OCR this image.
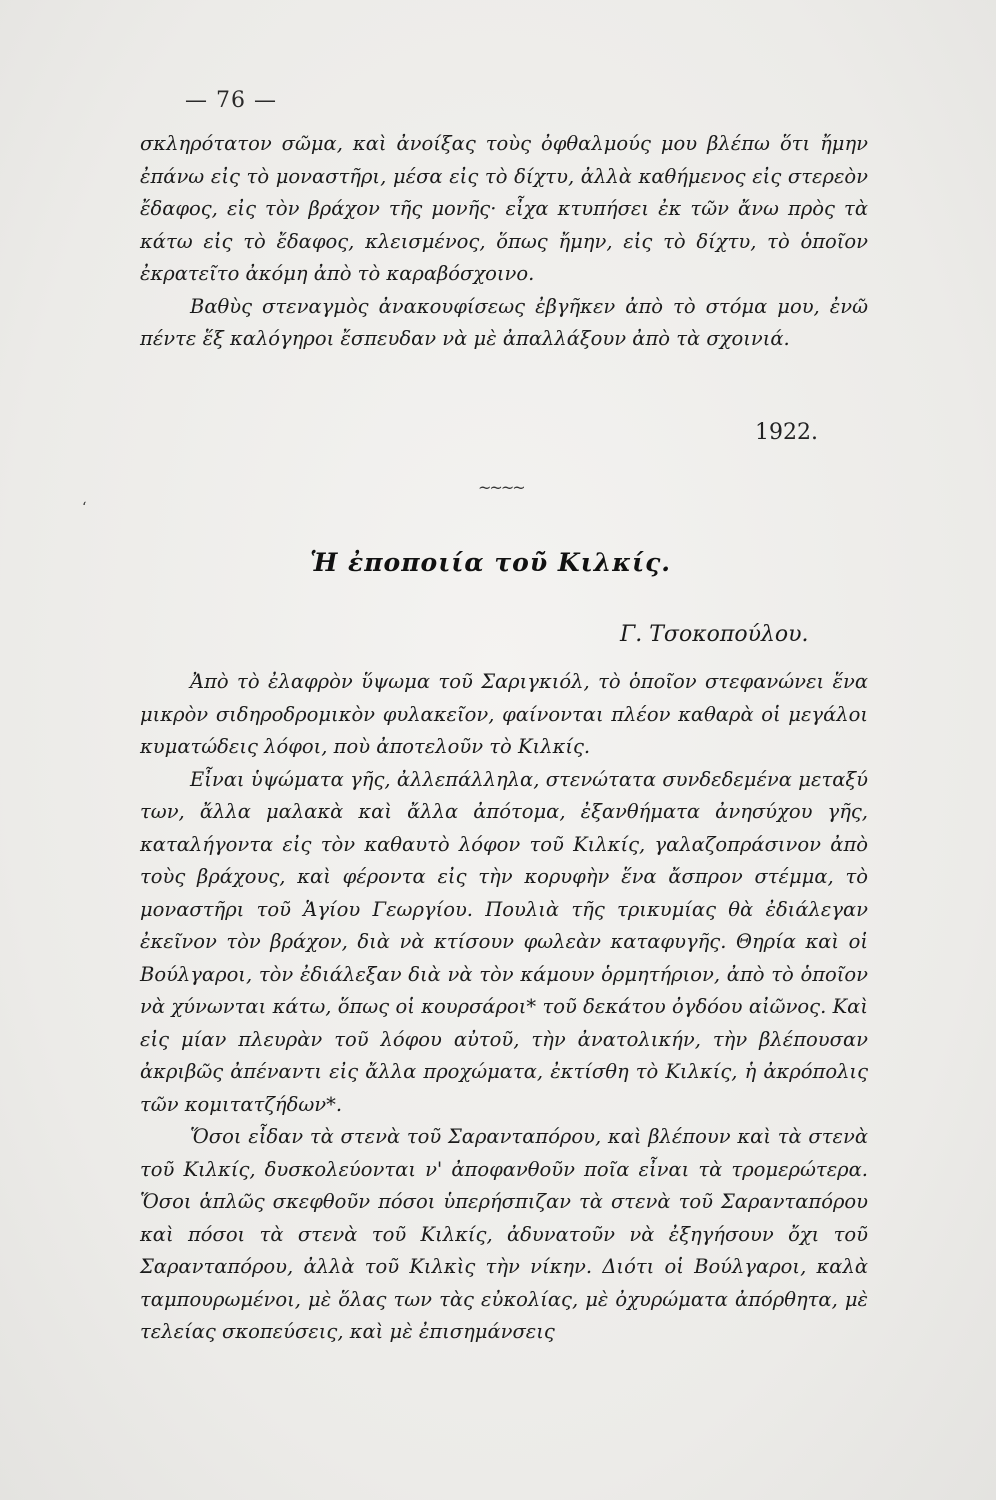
— 76 —

σκληρότατον σῶμα, καὶ ἀνοίξας τοὺς ὀφθαλμούς μου βλέπω ὅτι ἤμην ἐπάνω εἰς τὸ μοναστῆρι, μέσα εἰς τὸ δίχτυ, ἀλλὰ καθήμενος εἰς στερεὸν ἔδαφος, εἰς τὸν βράχον τῆς μονῆς· εἶχα κτυπήσει ἐκ τῶν ἄνω πρὸς τὰ κάτω εἰς τὸ ἔδαφος, κλεισμένος, ὅπως ἤμην, εἰς τὸ δίχτυ, τὸ ὁποῖον ἐκρατεῖτο ἀκόμη ἀπὸ τὸ καραβόσχοινο.

Βαθὺς στεναγμὸς ἀνακουφίσεως ἐβγῆκεν ἀπὸ τὸ στόμα μου, ἐνῶ πέντε ἕξ καλόγηροι ἔσπευδαν νὰ μὲ ἀπαλλάξουν ἀπὸ τὰ σχοινιά.

1922.
‘
~~~~
Ἡ ἐποποιία τοῦ Κιλκίς.
Γ. Τσοκοπούλου.

Ἀπὸ τὸ ἐλαφρὸν ὕψωμα τοῦ Σαριγκιόλ, τὸ ὁποῖον στεφανώνει ἕνα μικρὸν σιδηροδρομικὸν φυλακεῖον, φαίνονται πλέον καθαρὰ οἱ μεγάλοι κυματώδεις λόφοι, ποὺ ἀποτελοῦν τὸ Κιλκίς.

Εἶναι ὑψώματα γῆς, ἀλλεπάλληλα, στενώτατα συνδεδεμένα μεταξύ των, ἄλλα μαλακὰ καὶ ἄλλα ἀπότομα, ἐξανθήματα ἀνησύχου γῆς, καταλήγοντα εἰς τὸν καθαυτὸ λόφον τοῦ Κιλκίς, γαλαζοπράσινον ἀπὸ τοὺς βράχους, καὶ φέροντα εἰς τὴν κορυφὴν ἕνα ἄσπρον στέμμα, τὸ μοναστῆρι τοῦ Ἁγίου Γεωργίου. Πουλιὰ τῆς τρικυμίας θὰ ἐδιάλεγαν ἐκεῖνον τὸν βράχον, διὰ νὰ κτίσουν φωλεὰν καταφυγῆς. Θηρία καὶ οἱ Βούλγαροι, τὸν ἐδιάλεξαν διὰ νὰ τὸν κάμουν ὁρμητήριον, ἀπὸ τὸ ὁποῖον νὰ χύνωνται κάτω, ὅπως οἱ κουρσάροι* τοῦ δεκάτου ὀγδόου αἰῶνος. Καὶ εἰς μίαν πλευρὰν τοῦ λόφου αὐτοῦ, τὴν ἀνατολικήν, τὴν βλέπουσαν ἀκριβῶς ἀπέναντι εἰς ἄλλα προχώματα, ἐκτίσθη τὸ Κιλκίς, ἡ ἀκρόπολις τῶν κομιτατζήδων*.

Ὅσοι εἶδαν τὰ στενὰ τοῦ Σαρανταπόρου, καὶ βλέπουν καὶ τὰ στενὰ τοῦ Κιλκίς, δυσκολεύονται ν' ἀποφανθοῦν ποῖα εἶναι τὰ τρομερώτερα. Ὅσοι ἁπλῶς σκεφθοῦν πόσοι ὑπερήσπιζαν τὰ στενὰ τοῦ Σαρανταπόρου καὶ πόσοι τὰ στενὰ τοῦ Κιλκίς, ἀδυνατοῦν νὰ ἐξηγήσουν ὄχι τοῦ Σαρανταπόρου, ἀλλὰ τοῦ Κιλκὶς τὴν νίκην. Διότι οἱ Βούλγαροι, καλὰ ταμπουρωμένοι, μὲ ὅλας των τὰς εὐκολίας, μὲ ὀχυρώματα ἀπόρθητα, μὲ τελείας σκοπεύσεις, καὶ μὲ ἐπισημάνσεις
